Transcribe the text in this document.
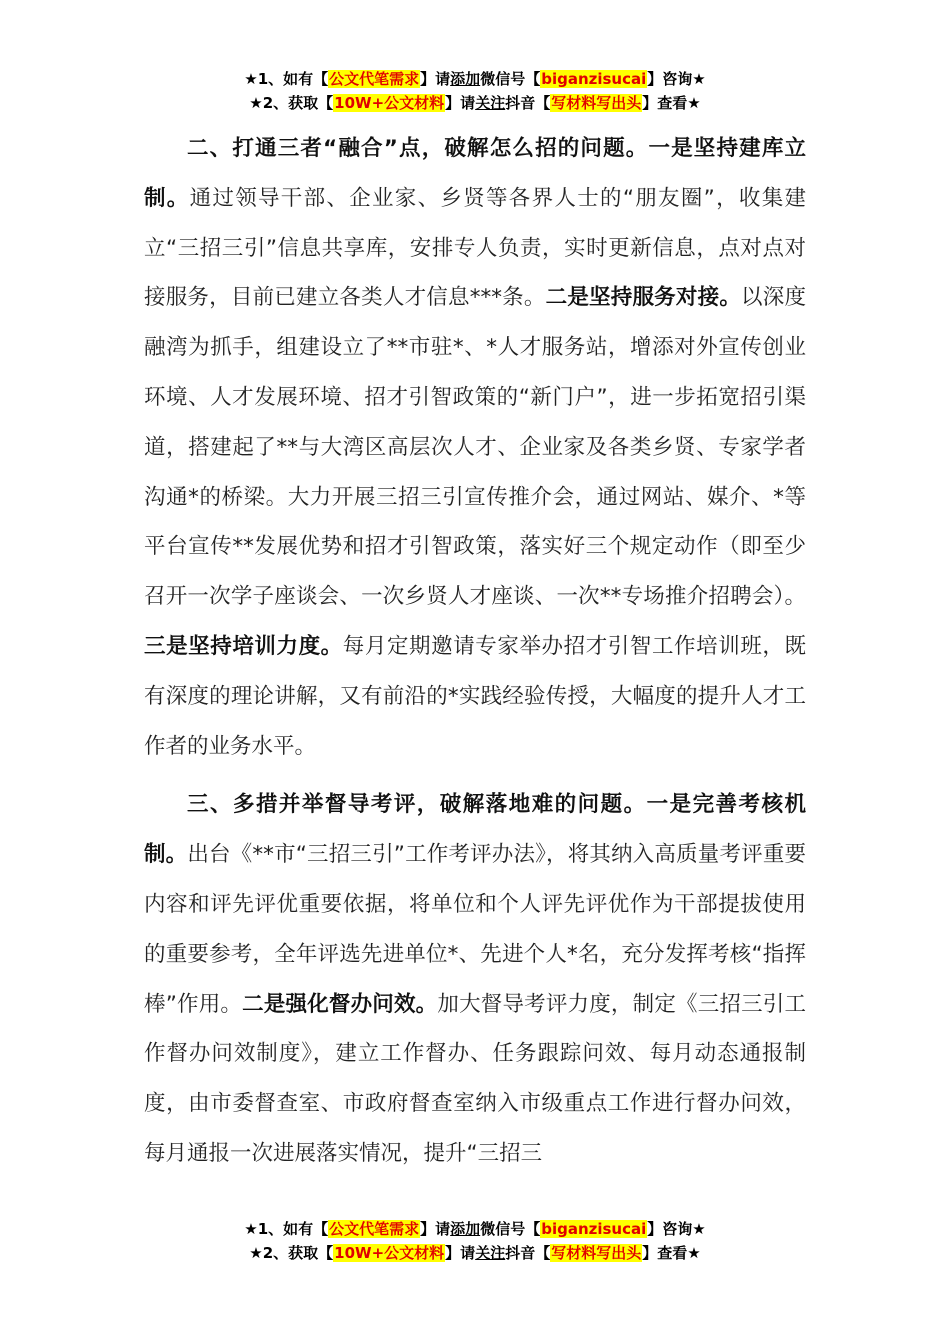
★1、如有【公文代笔需求】请添加微信号【biganzisucai】咨询★
★2、获取【10W+公文材料】请关注抖音【写材料写出头】查看★

二、打通三者“融合”点，破解怎么招的问题。一是坚持建库立制。通过领导干部、企业家、乡贤等各界人士的“朋友圈”，收集建立“三招三引”信息共享库，安排专人负责，实时更新信息，点对点对接服务，目前已建立各类人才信息***条。二是坚持服务对接。以深度融湾为抓手，组建设立了**市驻*、*人才服务站，增添对外宣传创业环境、人才发展环境、招才引智政策的“新门户”，进一步拓宽招引渠道，搭建起了**与大湾区高层次人才、企业家及各类乡贤、专家学者沟通*的桥梁。大力开展三招三引宣传推介会，通过网站、媒介、*等平台宣传**发展优势和招才引智政策，落实好三个规定动作（即至少召开一次学子座谈会、一次乡贤人才座谈、一次**专场推介招聘会）。三是坚持培训力度。每月定期邀请专家举办招才引智工作培训班，既有深度的理论讲解，又有前沿的*实践经验传授，大幅度的提升人才工作者的业务水平。

三、多措并举督导考评，破解落地难的问题。一是完善考核机制。出台《**市“三招三引”工作考评办法》，将其纳入高质量考评重要内容和评先评优重要依据，将单位和个人评先评优作为干部提拔使用的重要参考，全年评选先进单位*、先进个人*名，充分发挥考核“指挥棒”作用。二是强化督办问效。加大督导考评力度，制定《三招三引工作督办问效制度》，建立工作督办、任务跟踪问效、每月动态通报制度，由市委督查室、市政府督查室纳入市级重点工作进行督办问效，每月通报一次进展落实情况，提升“三招三

★1、如有【公文代笔需求】请添加微信号【biganzisucai】咨询★
★2、获取【10W+公文材料】请关注抖音【写材料写出头】查看★
